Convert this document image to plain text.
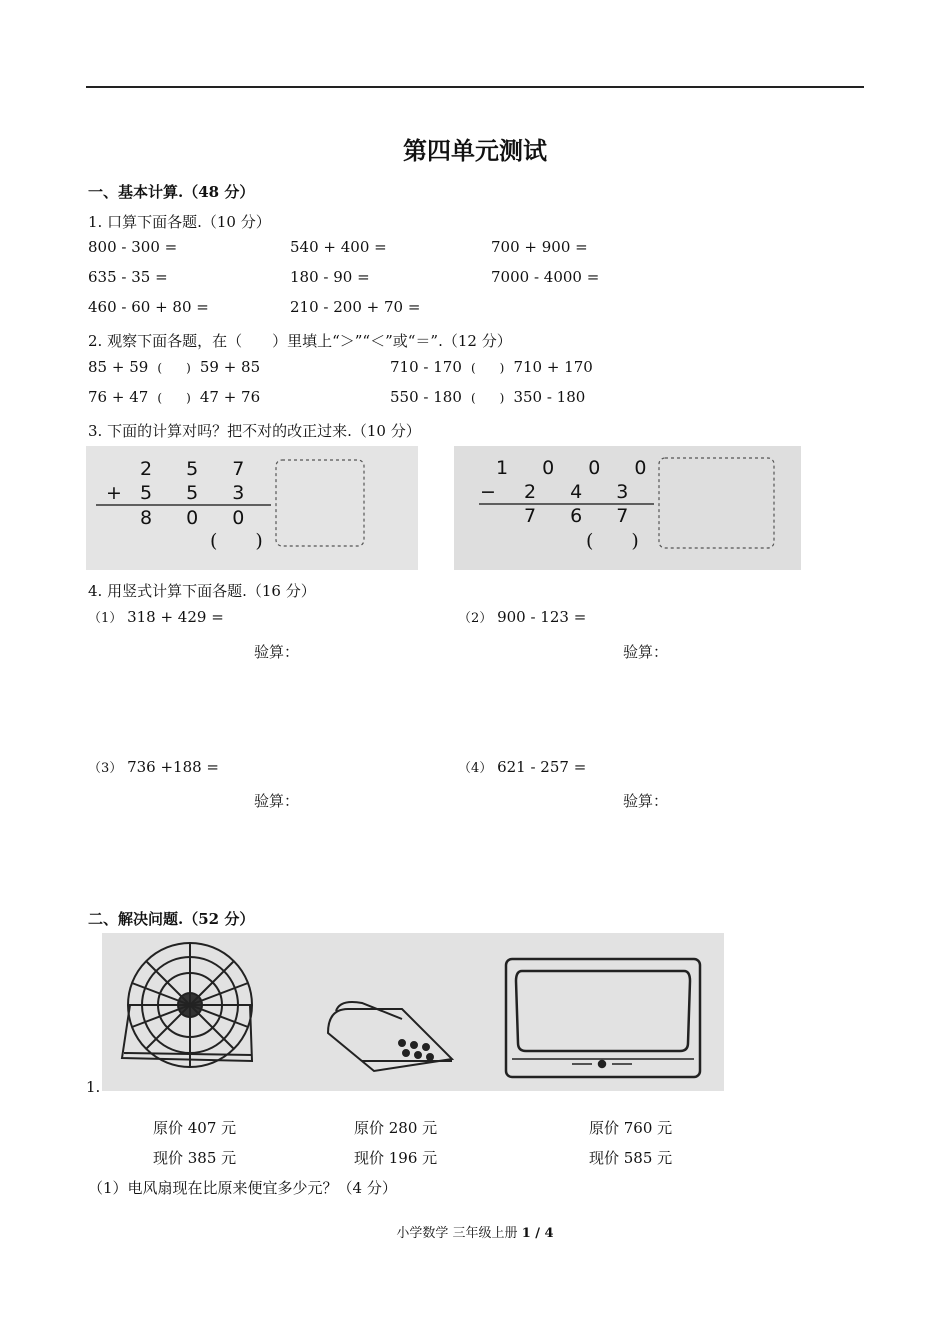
第四单元测试
一、基本计算.（48 分）
1. 口算下面各题.（10 分）
800 - 300 =	540 + 400 =	700 + 900 =
635 - 35 =	180 - 90 =	7000 - 4000 =
460 - 60 + 80 =	210 - 200 + 70 =
2. 观察下面各题，在（　　）里填上“＞”“＜”或“＝”.（12 分）
85 + 59 (　　 ) 59 + 85	710 - 170 (　　 ) 710 + 170
76 + 47 (　　 ) 47 + 76	550 - 180 (　　 ) 350 - 180
3. 下面的计算对吗？把不对的改正过来.（10 分）
2 5 7
+ 5 5 3
8 0 0
(　　)
1 0 0 0
− 2 4 3
7 6 7
(　　)
4. 用竖式计算下面各题.（16 分）
（1） 318 + 429 =	（2） 900 - 123 =
验算：	验算：
（3） 736 +188 =	（4） 621 - 257 =
验算：	验算：
二、解决问题.（52 分）
1.
原价 407 元	原价 280 元	原价 760 元
现价 385 元	现价 196 元	现价 585 元
（1）电风扇现在比原来便宜多少元？（4 分）
小学数学 三年级上册 1 / 4
